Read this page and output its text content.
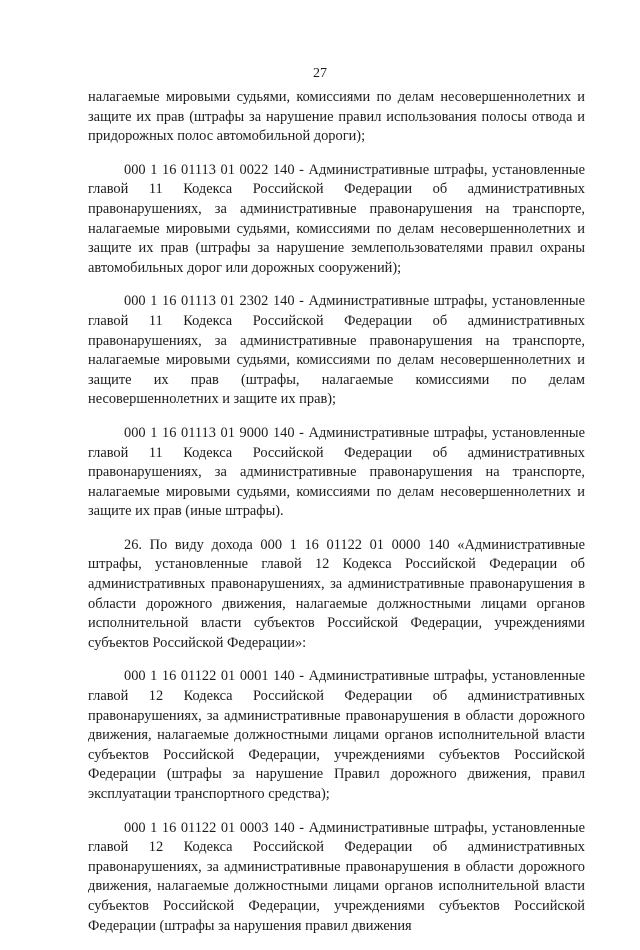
27

налагаемые мировыми судьями, комиссиями по делам несовершеннолетних и защите их прав (штрафы за нарушение правил использования полосы отвода и придорожных полос автомобильной дороги);

000 1 16 01113 01 0022 140 - Административные штрафы, установленные главой 11 Кодекса Российской Федерации об административных правонарушениях, за административные правонарушения на транспорте, налагаемые мировыми судьями, комиссиями по делам несовершеннолетних и защите их прав (штрафы за нарушение землепользователями правил охраны автомобильных дорог или дорожных сооружений);

000 1 16 01113 01 2302 140 - Административные штрафы, установленные главой 11 Кодекса Российской Федерации об административных правонарушениях, за административные правонарушения на транспорте, налагаемые мировыми судьями, комиссиями по делам несовершеннолетних и защите их прав (штрафы, налагаемые комиссиями по делам несовершеннолетних и защите их прав);

000 1 16 01113 01 9000 140 - Административные штрафы, установленные главой 11 Кодекса Российской Федерации об административных правонарушениях, за административные правонарушения на транспорте, налагаемые мировыми судьями, комиссиями по делам несовершеннолетних и защите их прав (иные штрафы).

26. По виду дохода 000 1 16 01122 01 0000 140 «Административные штрафы, установленные главой 12 Кодекса Российской Федерации об административных правонарушениях, за административные правонарушения в области дорожного движения, налагаемые должностными лицами органов исполнительной власти субъектов Российской Федерации, учреждениями субъектов Российской Федерации»:

000 1 16 01122 01 0001 140 - Административные штрафы, установленные главой 12 Кодекса Российской Федерации об административных правонарушениях, за административные правонарушения в области дорожного движения, налагаемые должностными лицами органов исполнительной власти субъектов Российской Федерации, учреждениями субъектов Российской Федерации (штрафы за нарушение Правил дорожного движения, правил эксплуатации транспортного средства);

000 1 16 01122 01 0003 140 - Административные штрафы, установленные главой 12 Кодекса Российской Федерации об административных правонарушениях, за административные правонарушения в области дорожного движения, налагаемые должностными лицами органов исполнительной власти субъектов Российской Федерации, учреждениями субъектов Российской Федерации (штрафы за нарушения правил движения
